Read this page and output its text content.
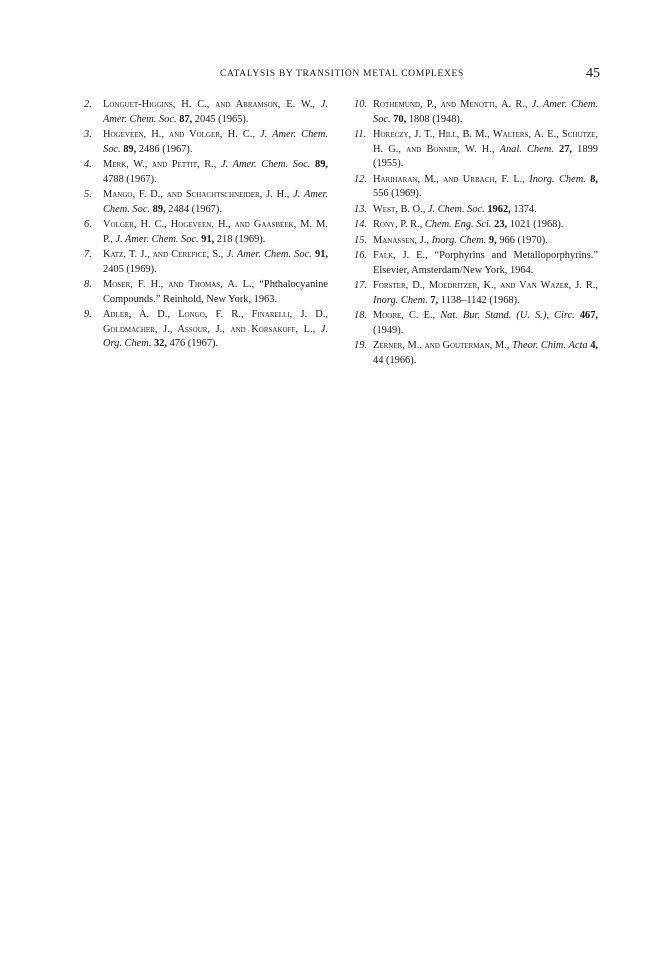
CATALYSIS BY TRANSITION METAL COMPLEXES	45
2. Longuet-Higgins, H. C., and Abramson, E. W., J. Amer. Chem. Soc. 87, 2045 (1965).
3. Hogeveen, H., and Volger, H. C., J. Amer. Chem. Soc. 89, 2486 (1967).
4. Merk, W., and Pettit, R., J. Amer. Chem. Soc. 89, 4788 (1967).
5. Mango, F. D., and Schachtschneider, J. H., J. Amer. Chem. Soc. 89, 2484 (1967).
6. Volger, H. C., Hogeveen, H., and Gaasbeek, M. M. P., J. Amer. Chem. Soc. 91, 218 (1969).
7. Katz, T. J., and Cerefice, S., J. Amer. Chem. Soc. 91, 2405 (1969).
8. Moser, F. H., and Thomas, A. L., “Phthalocyanine Compounds.” Reinhold, New York, 1963.
9. Adler, A. D., Longo, F. R., Finarelli, J. D., Goldmacher, J., Assour, J., and Korsakoff, L., J. Org. Chem. 32, 476 (1967).
10. Rothemund, P., and Menotti, A. R., J. Amer. Chem. Soc. 70, 1808 (1948).
11. Horeczy, J. T., Hill, B. M., Walters, A. E., Schutze, H. G., and Bonner, W. H., Anal. Chem. 27, 1899 (1955).
12. Hariharan, M., and Urbach, F. L., Inorg. Chem. 8, 556 (1969).
13. West, B. O., J. Chem. Soc. 1962, 1374.
14. Rony, P. R., Chem. Eng. Sci. 23, 1021 (1968).
15. Manassen, J., Inorg. Chem. 9, 966 (1970).
16. Falk, J. E., “Porphyrins and Metalloporphyrins.” Elsevier, Amsterdam/New York, 1964.
17. Forster, D., Moedritzer, K., and Van Wazer, J. R., Inorg. Chem. 7, 1138–1142 (1968).
18. Moore, C. E., Nat. Bur. Stand. (U. S.), Circ. 467, (1949).
19. Zerner, M., and Gouterman, M., Theor. Chim. Acta 4, 44 (1966).
